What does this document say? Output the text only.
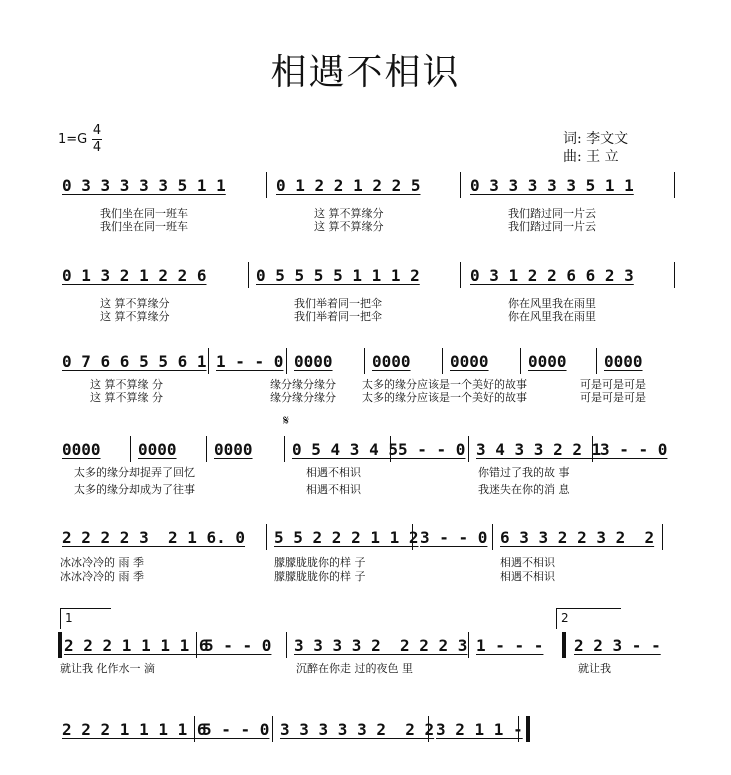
相遇不相识
1=G
4
4
词: 李文文
曲: 王 立
0 3 3 3 3 3 5 1 1	0 1 2 2 1 2 2 5	0 3 3 3 3 3 5 1 1
我们坐在同一班车	这 算不算缘分	我们踏过同一片云
我们坐在同一班车	这 算不算缘分	我们踏过同一片云
0 1 3 2 1 2 2 6	0 5 5 5 5 1 1 1 2	0 3 1 2 2 6 6 2 3
这 算不算缘分	我们举着同一把伞	你在风里我在雨里
这 算不算缘分	我们举着同一把伞	你在风里我在雨里
0 7 6 6 5 5 6 1 1 - - 0 0000 0000 0000 0000 0000
这 算不算缘 分	缘分缘分缘分 太多的缘分应该是一个美好的故事	可是可是可是
这 算不算缘 分	缘分缘分缘分 太多的缘分应该是一个美好的故事	可是可是可是
𝄋
0000 0000 0000 0 5 4 3 4 5 5 - - 0 3 4 3 3 2 2 1
3 - - 0
太多的缘分却捉弄了回忆	相遇不相识	你错过了我的故 事
太多的缘分却成为了往事	相遇不相识	我迷失在你的消 息
2 2 2 2 3  2 1 6. 0 5 5 2 2 2 1 1 2 3 - - 0 6 3 3 2 2 3 2  2
冰冰冷冷的 雨 季	朦朦胧胧你的样 子	相遇不相识
冰冰冷冷的 雨 季	朦朦胧胧你的样 子	相遇不相识
1	2
2 2 2 1 1 1 1 6
5 - - 0 3 3 3 3 2  2 2 2 3 1 - - - 2 2 3 - -
就让我 化作水一 滴	沉醉在你走 过的夜色 里	就让我
2 2 2 1 1 1 1 6
5 - - 0 3 3 3 3 3 2  2 2 3 2 1 1 -
